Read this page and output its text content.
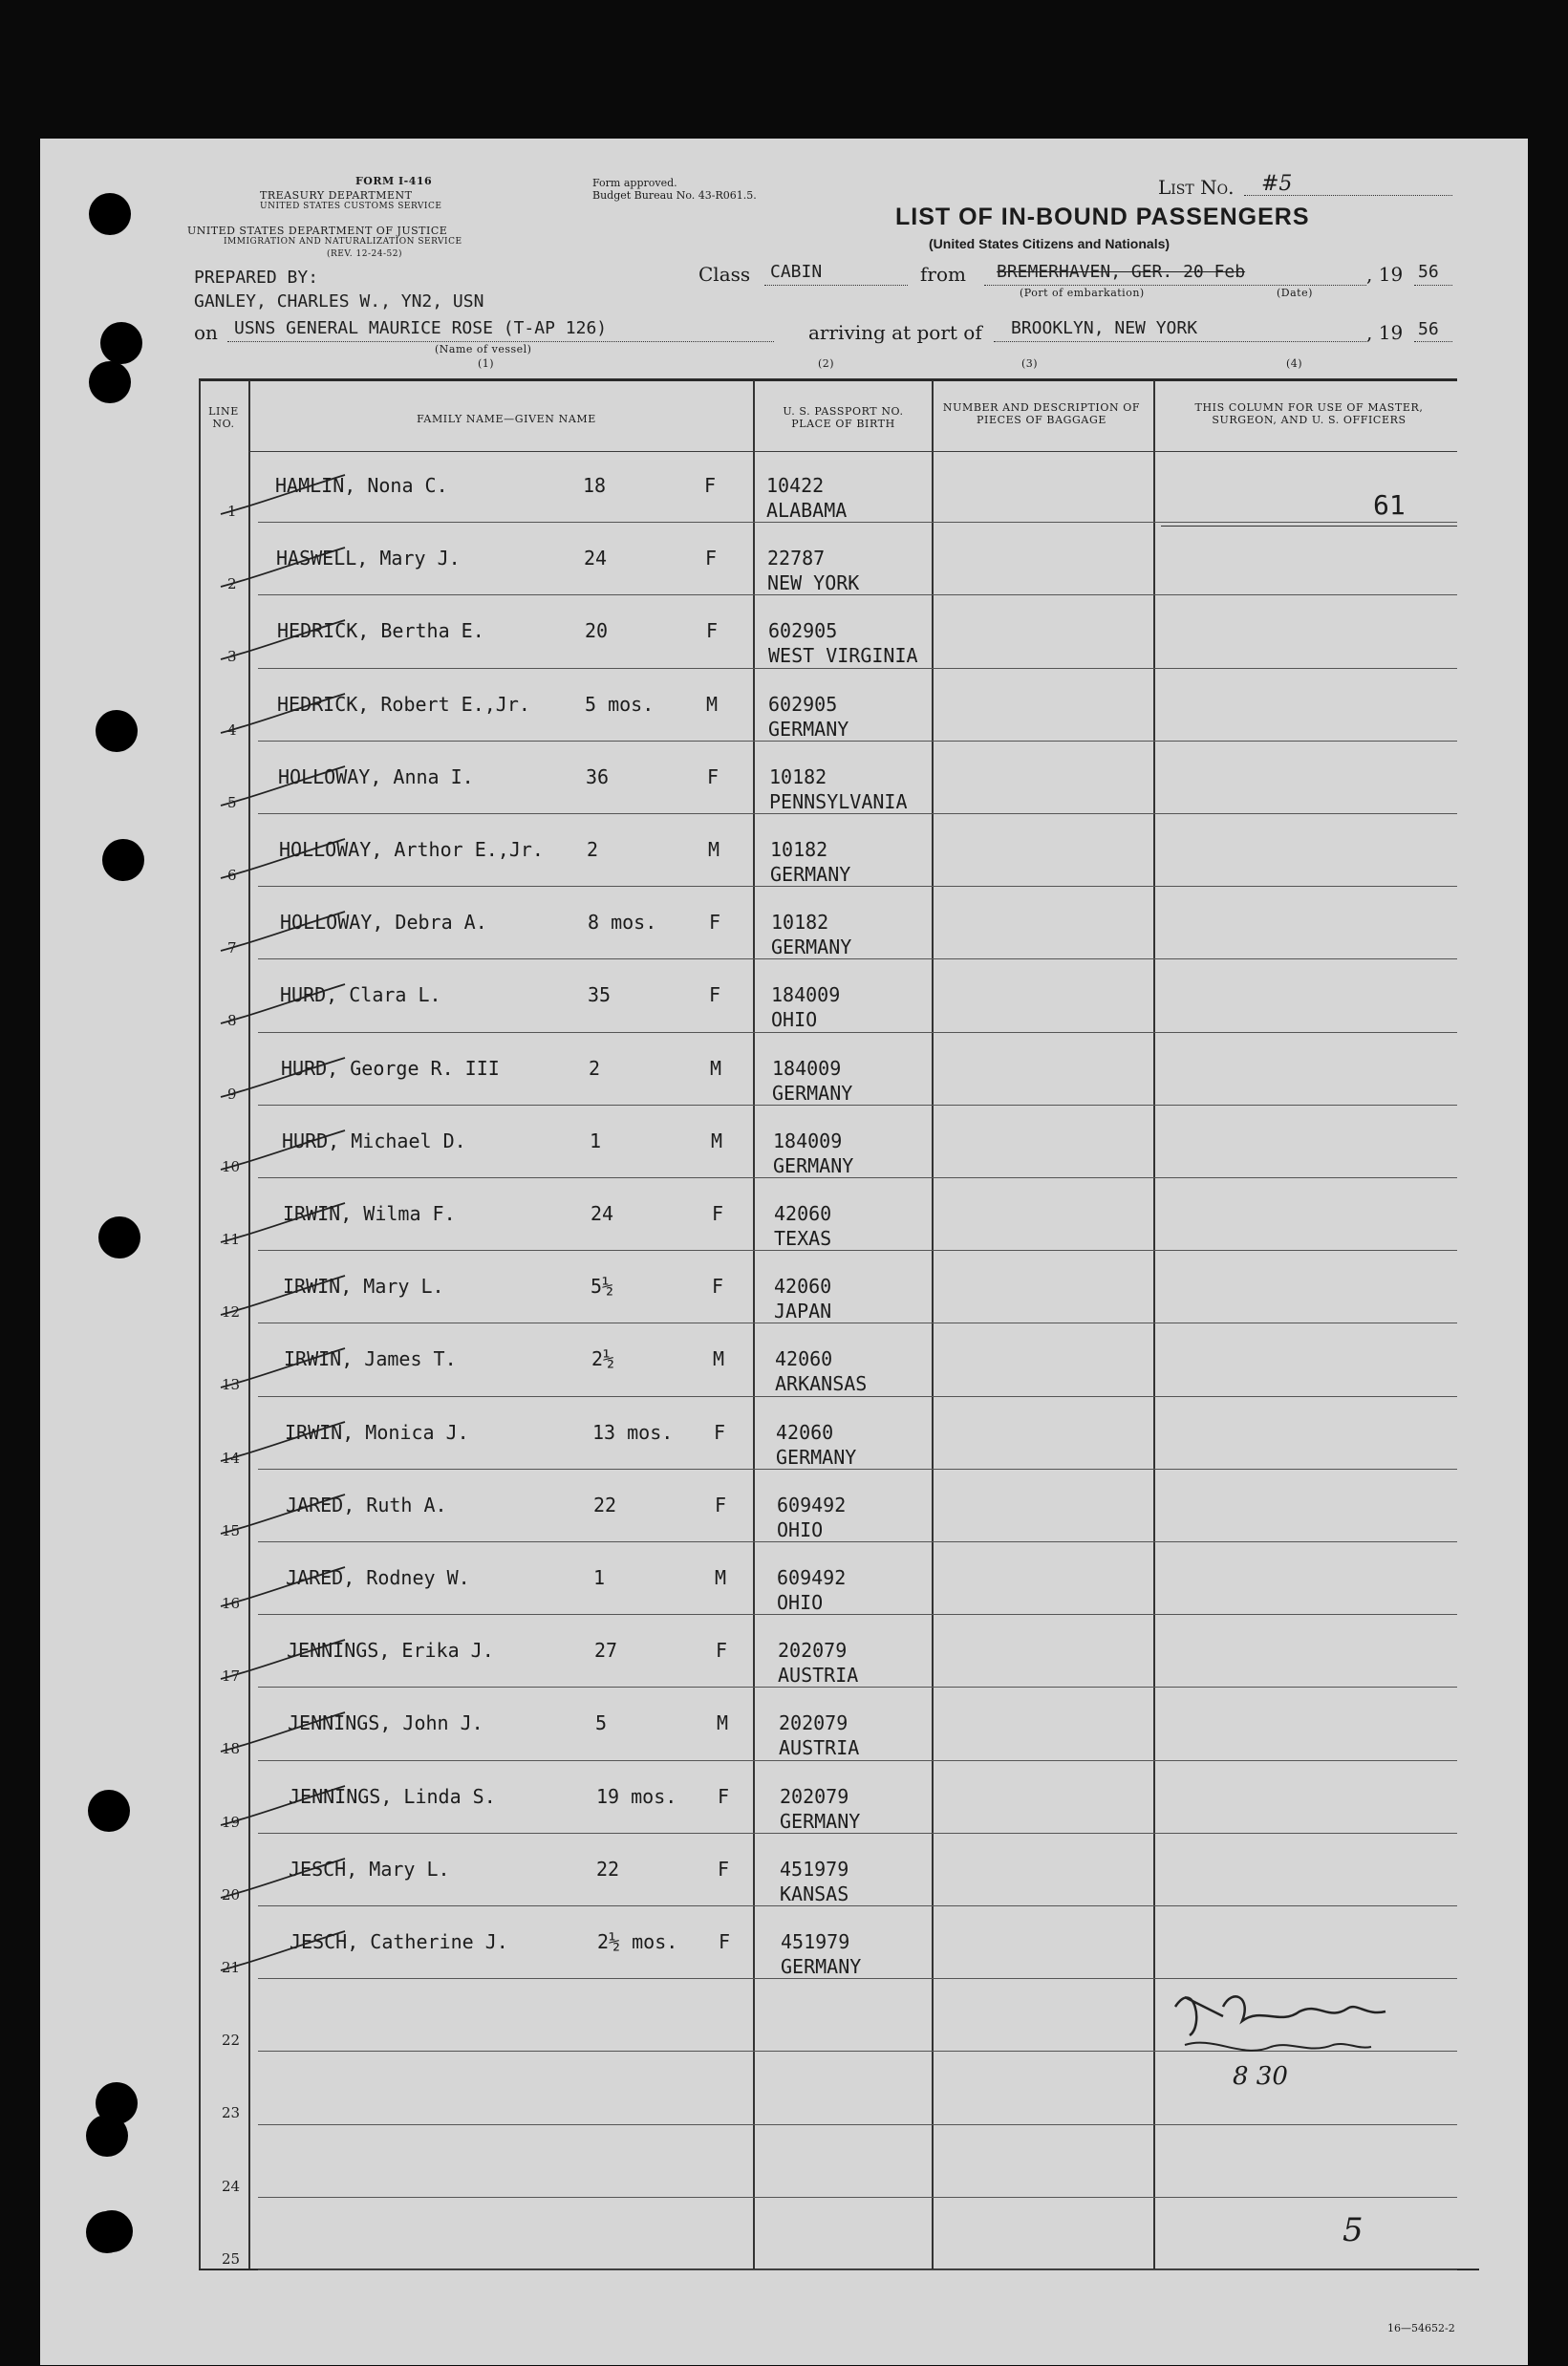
FORM I-416
TREASURY DEPARTMENT
UNITED STATES CUSTOMS SERVICE
UNITED STATES DEPARTMENT OF JUSTICE
IMMIGRATION AND NATURALIZATION SERVICE
(REV. 12-24-52)
Form approved.
Budget Bureau No. 43-R061.5.	List No.	#5
LIST OF IN-BOUND PASSENGERS
(United States Citizens and Nationals)
PREPARED BY:
GANLEY, CHARLES W., YN2, USN
Class CABIN	from BREMERHAVEN, GER. 20 Feb	, 19 56
(Port of embarkation)	(Date)
on USNS GENERAL MAURICE ROSE (T-AP 126)
(Name of vessel)
arriving at port of BROOKLYN, NEW YORK	, 19 56
(1)	(2)	(3)	(4)
LINE NO.	FAMILY NAME—GIVEN NAME
U. S. PASSPORT NO. PLACE OF BIRTH
NUMBER AND DESCRIPTION OF PIECES OF BAGGAGE
THIS COLUMN FOR USE OF MASTER, SURGEON, AND U. S. OFFICERS
1
HAMLIN, Nona C.	18	F	10422
ALABAMA
2
HASWELL, Mary J.	24	F	22787
NEW YORK
3
HEDRICK, Bertha E.	20	F	602905
WEST VIRGINIA
4
HEDRICK, Robert E.,Jr.	5 mos.	M	602905
GERMANY
5
HOLLOWAY, Anna I.	36	F	10182
PENNSYLVANIA
6
HOLLOWAY, Arthor E.,Jr. 2	M	10182
GERMANY
7
HOLLOWAY, Debra A.	8 mos.	F	10182
GERMANY
8
HURD, Clara L.	35	F	184009
OHIO
9
HURD, George R. III	2	M	184009
GERMANY
10
HURD, Michael D.	1	M	184009
GERMANY
11
IRWIN, Wilma F.	24	F	42060
TEXAS
12
IRWIN, Mary L.	5½	F	42060
JAPAN
13
IRWIN, James T.	2½	M	42060
ARKANSAS
14
IRWIN, Monica J.	13 mos. F	42060
GERMANY
15
JARED, Ruth A.	22	F	609492
OHIO
16
JARED, Rodney W.	1	M	609492
OHIO
17
JENNINGS, Erika J.	27	F	202079
AUSTRIA
18
JENNINGS, John J.	5	M	202079
AUSTRIA
19
JENNINGS, Linda S.	19 mos. F	202079
GERMANY
20
JESCH, Mary L.	22	F	451979
KANSAS
21
JESCH, Catherine J.	2½ mos. F	451979
GERMANY
22
23
24
25
61
8 30
5
16—54652-2
